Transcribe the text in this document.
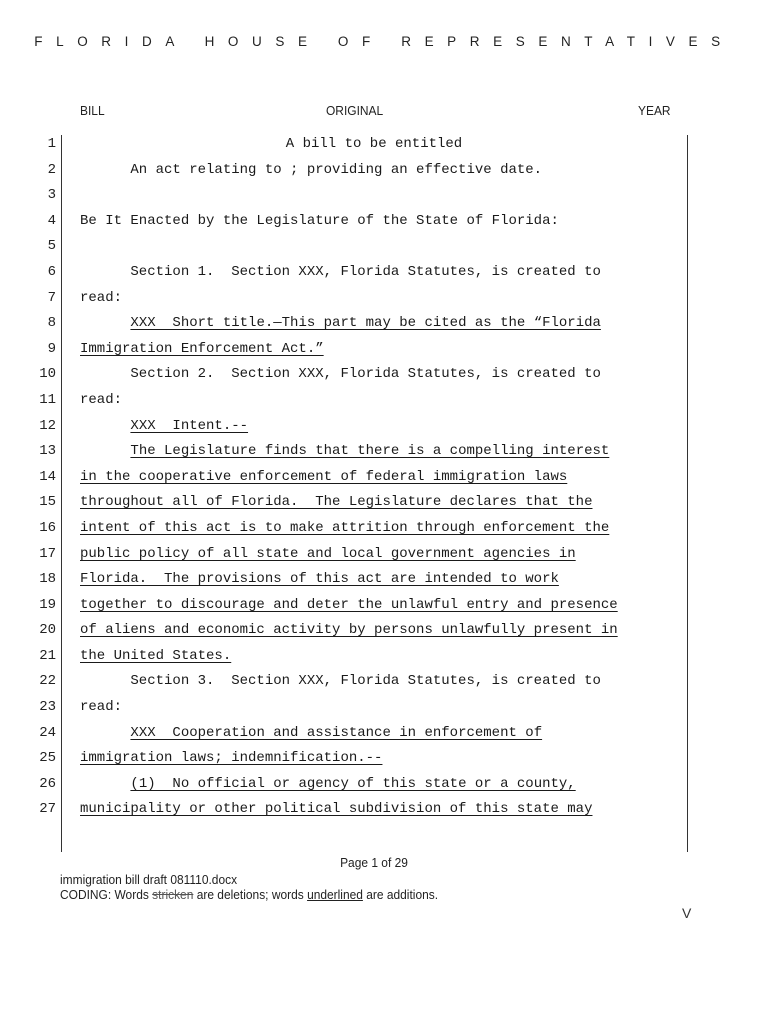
FLORIDA HOUSE OF REPRESENTATIVES
BILL	ORIGINAL	YEAR
1	A bill to be entitled
2 An act relating to ; providing an effective date.
3
4 Be It Enacted by the Legislature of the State of Florida:
5
6 Section 1.  Section XXX, Florida Statutes, is created to
7 read:
8	XXX  Short title.—This part may be cited as the “Florida
9 Immigration Enforcement Act.”
10 Section 2.  Section XXX, Florida Statutes, is created to
11 read:
12	XXX  Intent.--
13	The Legislature finds that there is a compelling interest
14 in the cooperative enforcement of federal immigration laws
15 throughout all of Florida.  The Legislature declares that the
16 intent of this act is to make attrition through enforcement the
17 public policy of all state and local government agencies in
18 Florida.  The provisions of this act are intended to work
19 together to discourage and deter the unlawful entry and presence
20 of aliens and economic activity by persons unlawfully present in
21 the United States.
22 Section 3.  Section XXX, Florida Statutes, is created to
23 read:
24	XXX  Cooperation and assistance in enforcement of
25 immigration laws; indemnification.--
26	(1)  No official or agency of this state or a county,
27 municipality or other political subdivision of this state may
Page 1 of 29
immigration bill draft 081110.docx
CODING: Words stricken are deletions; words underlined are additions.
V
